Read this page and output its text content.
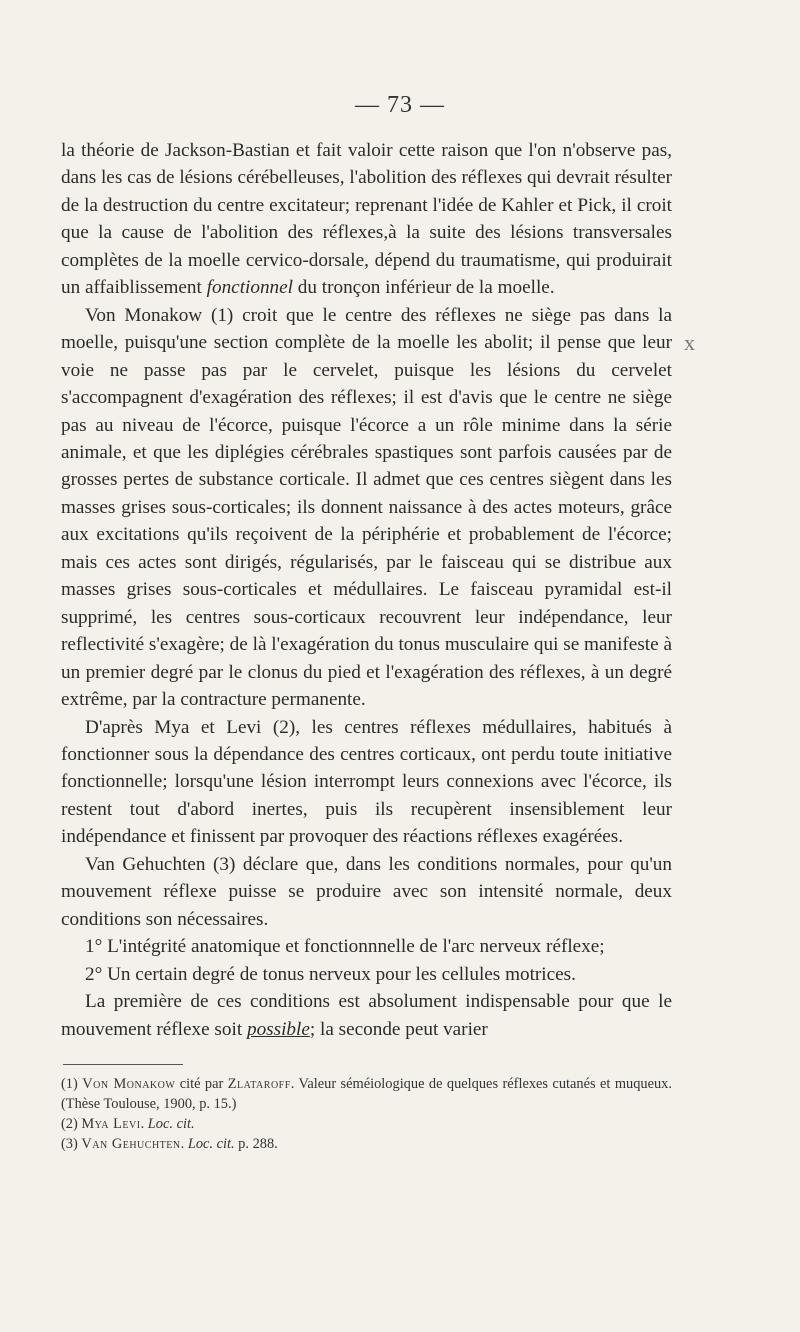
— 73 —
x

la théorie de Jackson-Bastian et fait valoir cette raison que l'on n'observe pas, dans les cas de lésions cérébelleuses, l'abolition des réflexes qui devrait résulter de la destruction du centre excitateur; reprenant l'idée de Kahler et Pick, il croit que la cause de l'abolition des réflexes,à la suite des lésions transversales complètes de la moelle cervico-dorsale, dépend du traumatisme, qui produirait un affaiblissement fonctionnel du tronçon inférieur de la moelle.

Von Monakow (1) croit que le centre des réflexes ne siège pas dans la moelle, puisqu'une section complète de la moelle les abolit; il pense que leur voie ne passe pas par le cervelet, puisque les lésions du cervelet s'accompagnent d'exagération des réflexes; il est d'avis que le centre ne siège pas au niveau de l'écorce, puisque l'écorce a un rôle minime dans la série animale, et que les diplégies cérébrales spastiques sont parfois causées par de grosses pertes de substance corticale. Il admet que ces centres siègent dans les masses grises sous-corticales; ils donnent naissance à des actes moteurs, grâce aux excitations qu'ils reçoivent de la périphérie et probablement de l'écorce; mais ces actes sont dirigés, régularisés, par le faisceau qui se distribue aux masses grises sous-corticales et médullaires. Le faisceau pyramidal est-il supprimé, les centres sous-corticaux recouvrent leur indépendance, leur reflectivité s'exagère; de là l'exagération du tonus musculaire qui se manifeste à un premier degré par le clonus du pied et l'exagération des réflexes, à un degré extrême, par la contracture permanente.

D'après Mya et Levi (2), les centres réflexes médullaires, habitués à fonctionner sous la dépendance des centres corticaux, ont perdu toute initiative fonctionnelle; lorsqu'une lésion interrompt leurs connexions avec l'écorce, ils restent tout d'abord inertes, puis ils recupèrent insensiblement leur indépendance et finissent par provoquer des réactions réflexes exagérées.

Van Gehuchten (3) déclare que, dans les conditions normales, pour qu'un mouvement réflexe puisse se produire avec son intensité normale, deux conditions son nécessaires.

1° L'intégrité anatomique et fonctionnnelle de l'arc nerveux réflexe;

2° Un certain degré de tonus nerveux pour les cellules motrices.

La première de ces conditions est absolument indispensable pour que le mouvement réflexe soit possible; la seconde peut varier

(1) Von Monakow cité par Zlataroff. Valeur séméiologique de quelques réflexes cutanés et muqueux. (Thèse Toulouse, 1900, p. 15.)

(2) Mya Levi. Loc. cit.

(3) Van Gehuchten. Loc. cit. p. 288.
